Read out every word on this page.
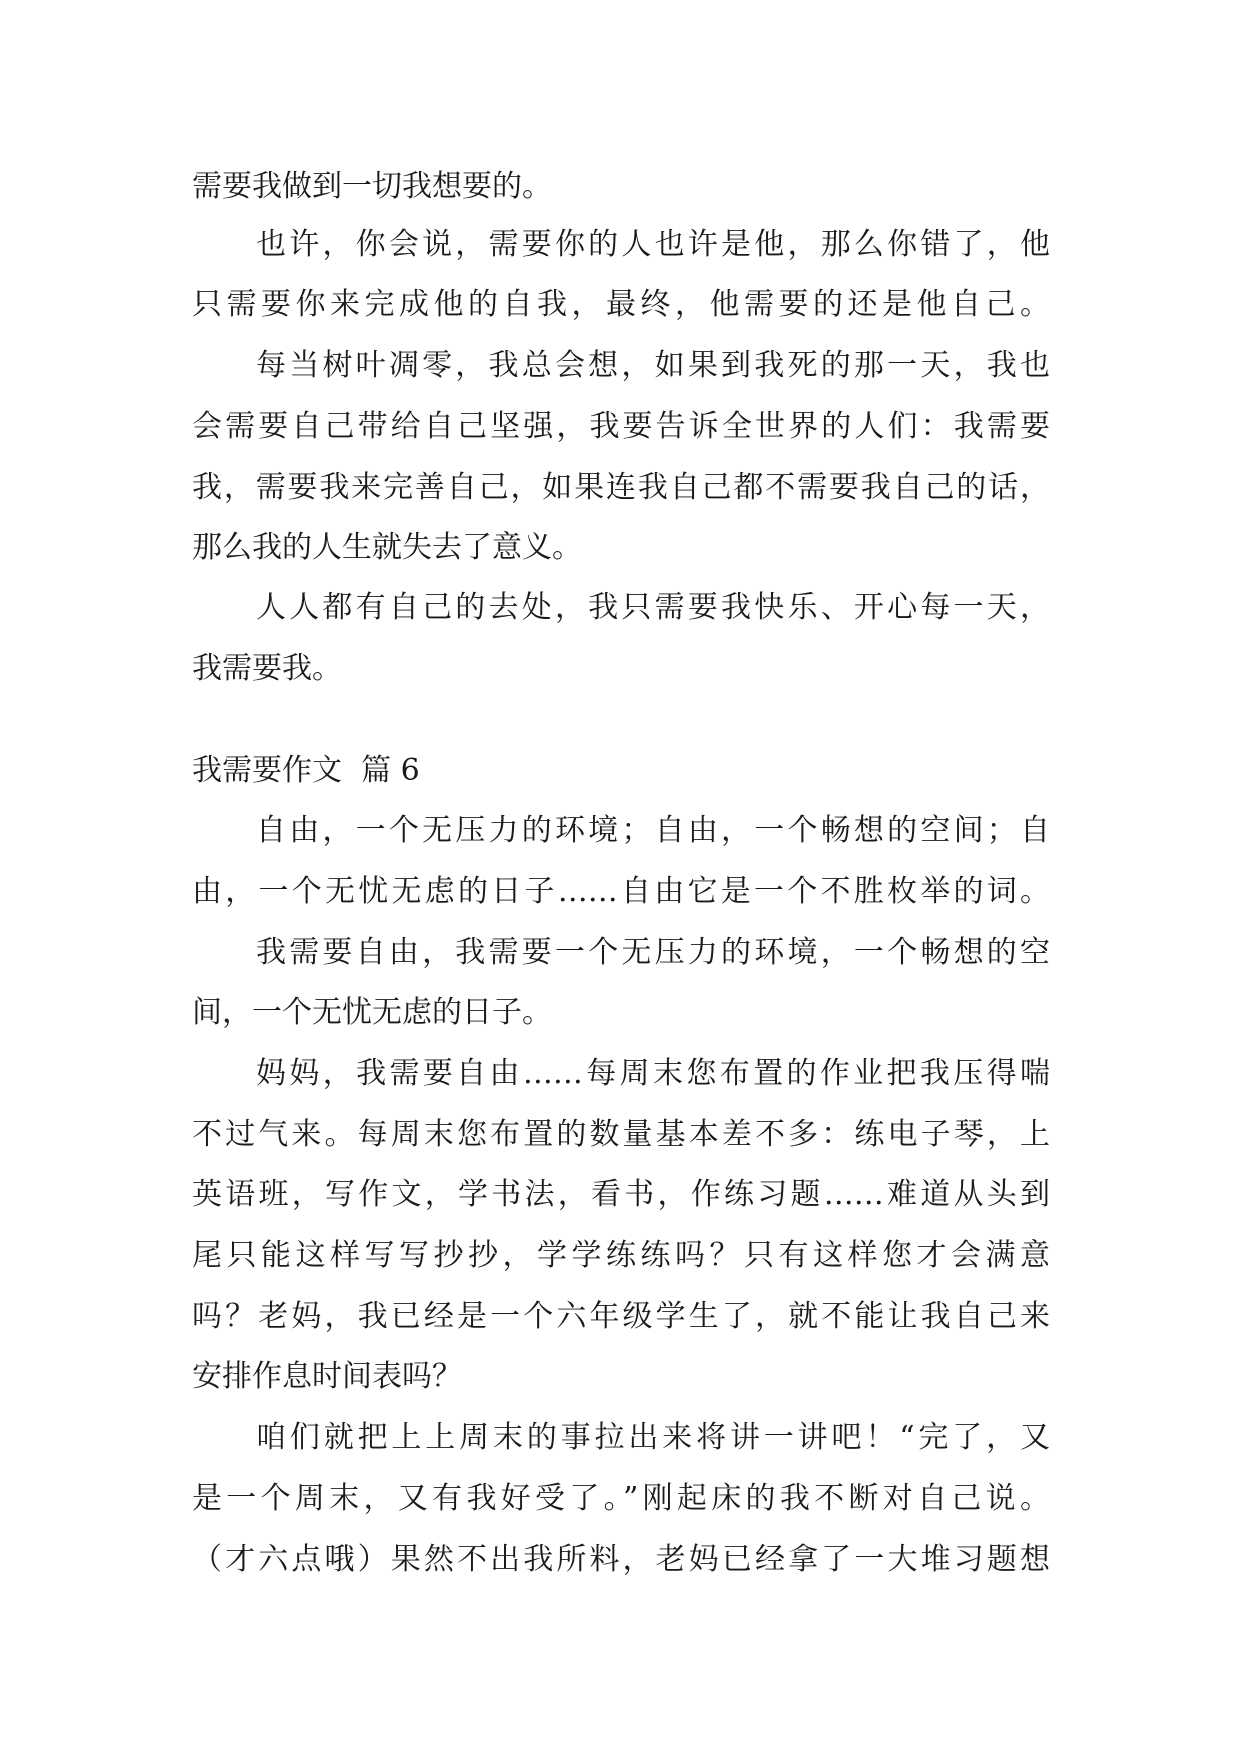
需要我做到一切我想要的。

也许，你会说，需要你的人也许是他，那么你错了，他

只需要你来完成他的自我，最终，他需要的还是他自己。

每当树叶凋零，我总会想，如果到我死的那一天，我也

会需要自己带给自己坚强，我要告诉全世界的人们：我需要

我，需要我来完善自己，如果连我自己都不需要我自己的话，

那么我的人生就失去了意义。

人人都有自己的去处，我只需要我快乐、开心每一天，

我需要我。

我需要作文  篇 6

自由，一个无压力的环境；自由，一个畅想的空间；自

由，一个无忧无虑的日子……自由它是一个不胜枚举的词。

我需要自由，我需要一个无压力的环境，一个畅想的空

间，一个无忧无虑的日子。

妈妈，我需要自由……每周末您布置的作业把我压得喘

不过气来。每周末您布置的数量基本差不多：练电子琴，上

英语班，写作文，学书法，看书，作练习题……难道从头到

尾只能这样写写抄抄，学学练练吗？只有这样您才会满意

吗？老妈，我已经是一个六年级学生了，就不能让我自己来

安排作息时间表吗？

咱们就把上上周末的事拉出来将讲一讲吧！“完了，又

是一个周末，又有我好受了。”刚起床的我不断对自己说。

（才六点哦）果然不出我所料，老妈已经拿了一大堆习题想
